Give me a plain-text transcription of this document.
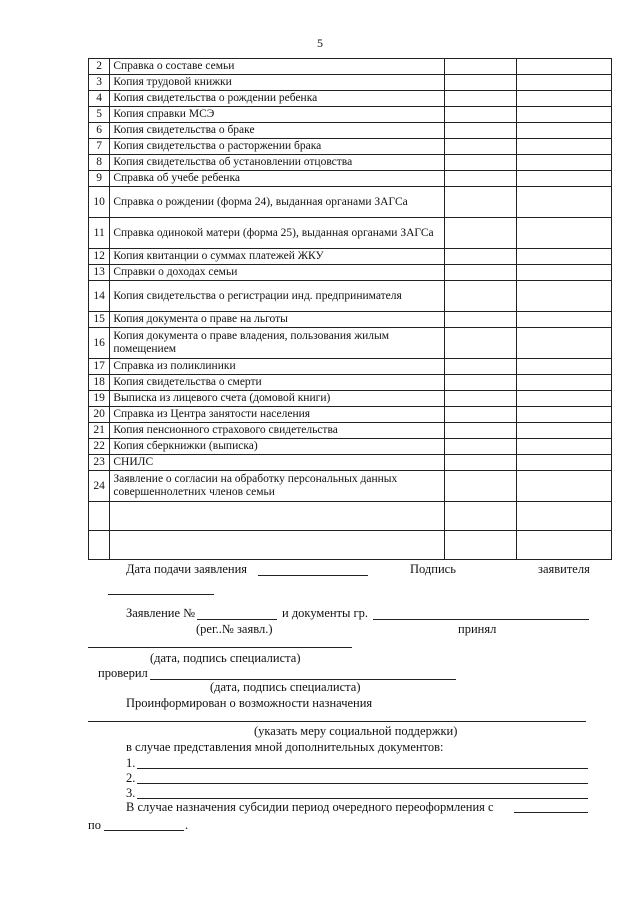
5
2	Справка о составе семьи		
3	Копия трудовой книжки		
4	Копия свидетельства о рождении ребенка		
5	Копия справки МСЭ		
6	Копия свидетельства о браке		
7	Копия свидетельства о расторжении брака		
8	Копия свидетельства об установлении отцовства		
9	Справка об учебе ребенка		
10	Справка о рождении (форма 24), выданная органами ЗАГСа		
11	Справка одинокой матери (форма 25), выданная органами ЗАГСа		
12	Копия квитанции о суммах платежей ЖКУ		
13	Справки о доходах семьи		
14	Копия свидетельства о регистрации инд. предпринимателя		
15	Копия документа о праве на льготы		
16	Копия документа о праве владения, пользования жилым помещением		
17	Справка из поликлиники		
18	Копия свидетельства о смерти		
19	Выписка из лицевого счета (домовой книги)		
20	Справка из Центра занятости населения		
21	Копия пенсионного страхового свидетельства		
22	Копия сберкнижки (выписка)		
23	СНИЛС		
24	Заявление о согласии на обработку персональных данных совершеннолетних членов семьи		

Дата подачи заявления	Подпись	заявителя
Заявление №	и документы гр.
(рег..№ заявл.)	принял
(дата, подпись специалиста)
проверил
(дата, подпись специалиста)
Проинформирован о возможности назначения
(указать меру социальной поддержки)
в случае представления мной дополнительных документов:
1.
2.
3.
В случае назначения субсидии период очередного переоформления с
по	.
